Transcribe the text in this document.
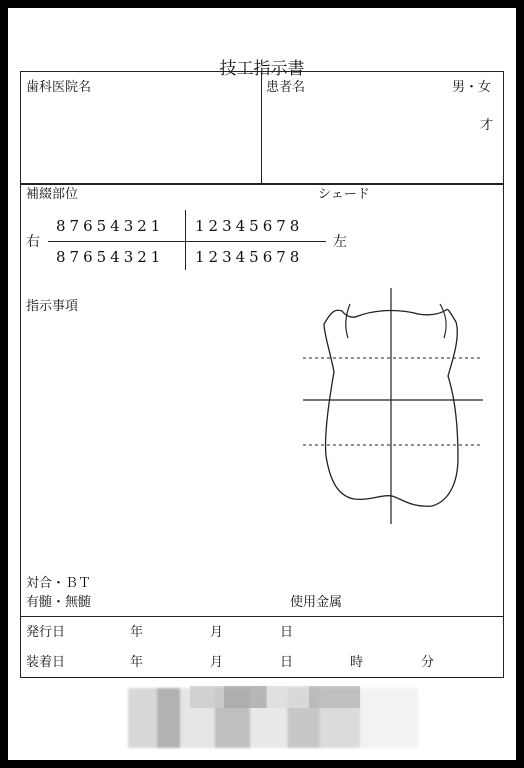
技工指示書
歯科医院名	患者名	男・女
才
補綴部位	シェード
右	左
87654321 12345678
87654321 12345678
指示事項
対合・ＢＴ
有髄・無髄	使用金属
発行日	年	月	日
装着日	年	月	日	時	分
